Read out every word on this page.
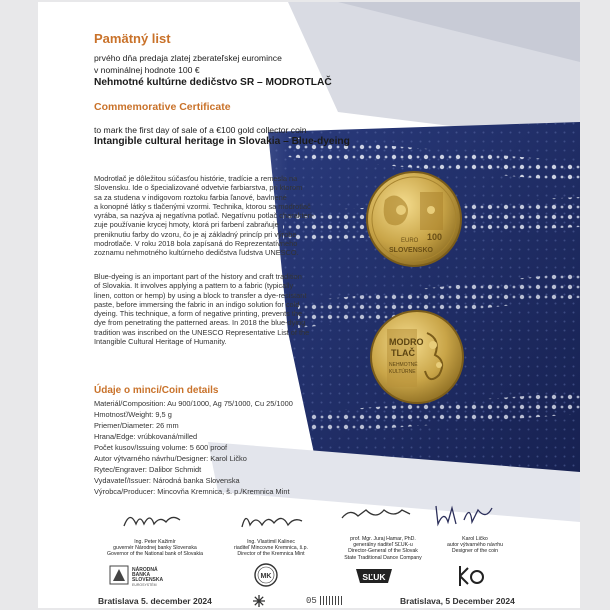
Pamätný list
prvého dňa predaja zlatej zberateľskej euromince
v nominálnej hodnote 100 €
Nehmotné kultúrne dedičstvo SR – MODROTLAČ
Commemorative Certificate
to mark the first day of sale of a €100 gold collector coin
Intangible cultural heritage in Slovakia – Blue-dyeing
Modrotlač je dôležitou súčasťou histórie, tradície a remesla na
Slovensku. Ide o špecializované odvetvie farbiarstva, pri ktorom
sa za studena v indigovom roztoku farbia ľanové, bavlnené
a konopné látky s tlačenými vzormi. Technika, ktorou sa modrotlač
vyrába, sa nazýva aj negatívna potlač. Negatívnu potlač charakteri-
zuje používanie krycej hmoty, ktorá pri farbení zabraňuje
preniknutiu farby do vzoru, čo je aj základný princíp pri výrobe
modrotlače. V roku 2018 bola zapísaná do Reprezentatívneho
zoznamu nehmotného kultúrneho dedičstva ľudstva UNESCO.
Blue-dyeing is an important part of the history and craft tradition
of Slovakia. It involves applying a pattern to a fabric (typically
linen, cotton or hemp) by using a block to transfer a dye-resistant
paste, before immersing the fabric in an indigo solution for cold
dyeing. This technique, a form of negative printing, prevents the
dye from penetrating the patterned areas. In 2018 the blue-dying
tradition was inscribed on the UNESCO Representative List of the
Intangible Cultural Heritage of Humanity.
Údaje o minci/Coin details
Materiál/Composition: Au 900/1000, Ag 75/1000, Cu 25/1000
Hmotnosť/Weight: 9,5 g
Priemer/Diameter: 26 mm
Hrana/Edge: vrúbkovaná/milled
Počet kusov/Issuing volume: 5 600 proof
Autor výtvarného návrhu/Designer: Karol Ličko
Rytec/Engraver: Dalibor Schmidt
Vydavateľ/Issuer: Národná banka Slovenska
Výrobca/Producer: Mincovňa Kremnica, š. p./Kremnica Mint
100
EURO
SLOVENSKO
MODRO
TLAČ
NEHMOTNÉ
KULTÚRNE
Ing. Peter Kažimír
guvernér Národnej banky Slovenska
Governor of the National bank of Slovakia
Ing. Vlastimil Kalinec
riaditeľ Mincovne Kremnica, š.p.
Director of the Kremnica Mint
prof. Mgr. Juraj Hamar, PhD.
generálny riaditeľ SĽUK-u
Director-General of the Slovak
State Traditional Dance Company
Karol Ličko
autor výtvarného návrhu
Designer of the coin
NÁRODNÁ
BANKA
SLOVENSKA
EUROSYSTÉM
MK	SĽUK
Bratislava 5. december 2024	05	Bratislava, 5 December 2024
